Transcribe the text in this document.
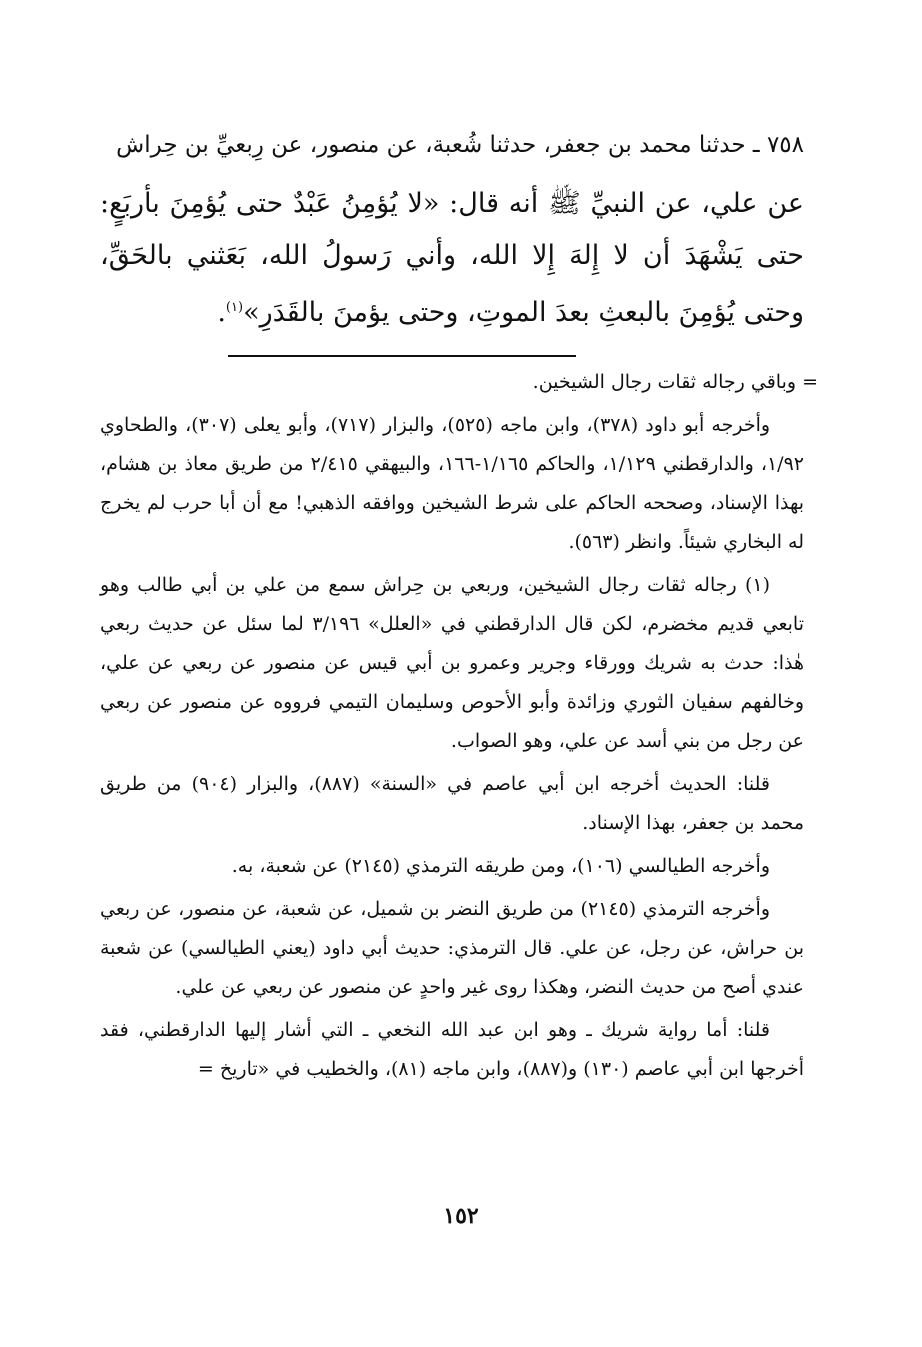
٧٥٨ ـ حدثنا محمد بن جعفر، حدثنا شُعبة، عن منصور، عن رِبعيِّ بن حِراش

عن علي، عن النبيِّ ﷺ أنه قال: «لا يُؤمِنُ عَبْدٌ حتى يُؤمِنَ بأربَعٍ: حتى يَشْهَدَ أن لا إِلهَ إِلا الله، وأني رَسولُ الله، بَعَثني بالحَقِّ، وحتى يُؤمِنَ بالبعثِ بعدَ الموتِ، وحتى يؤمنَ بالقَدَرِ»$^{(١)}$.

= وباقي رجاله ثقات رجال الشيخين.

وأخرجه أبو داود (٣٧٨)، وابن ماجه (٥٢٥)، والبزار (٧١٧)، وأبو يعلى (٣٠٧)، والطحاوي ١/٩٢، والدارقطني ١/١٢٩، والحاكم ١/١٦٥-١٦٦، والبيهقي ٢/٤١٥ من طريق معاذ بن هشام، بهذا الإسناد، وصححه الحاكم على شرط الشيخين ووافقه الذهبي! مع أن أبا حرب لم يخرج له البخاري شيئاً. وانظر (٥٦٣).

(١) رجاله ثقات رجال الشيخين، وربعي بن حِراش سمع من علي بن أبي طالب وهو تابعي قديم مخضرم، لكن قال الدارقطني في «العلل» ٣/١٩٦ لما سئل عن حديث ربعي هٰذا: حدث به شريك وورقاء وجرير وعمرو بن أبي قيس عن منصور عن ربعي عن علي، وخالفهم سفيان الثوري وزائدة وأبو الأحوص وسليمان التيمي فرووه عن منصور عن ربعي عن رجل من بني أسد عن علي، وهو الصواب.

قلنا: الحديث أخرجه ابن أبي عاصم في «السنة» (٨٨٧)، والبزار (٩٠٤) من طريق محمد بن جعفر، بهذا الإسناد.

وأخرجه الطيالسي (١٠٦)، ومن طريقه الترمذي (٢١٤٥) عن شعبة، به.

وأخرجه الترمذي (٢١٤٥) من طريق النضر بن شميل، عن شعبة، عن منصور، عن ربعي بن حراش، عن رجل، عن علي. قال الترمذي: حديث أبي داود (يعني الطيالسي) عن شعبة عندي أصح من حديث النضر، وهكذا روى غير واحدٍ عن منصور عن ربعي عن علي.

قلنا: أما رواية شريك ـ وهو ابن عبد الله النخعي ـ التي أشار إليها الدارقطني، فقد أخرجها ابن أبي عاصم (١٣٠) و(٨٨٧)، وابن ماجه (٨١)، والخطيب في «تاريخ =

١٥٢
